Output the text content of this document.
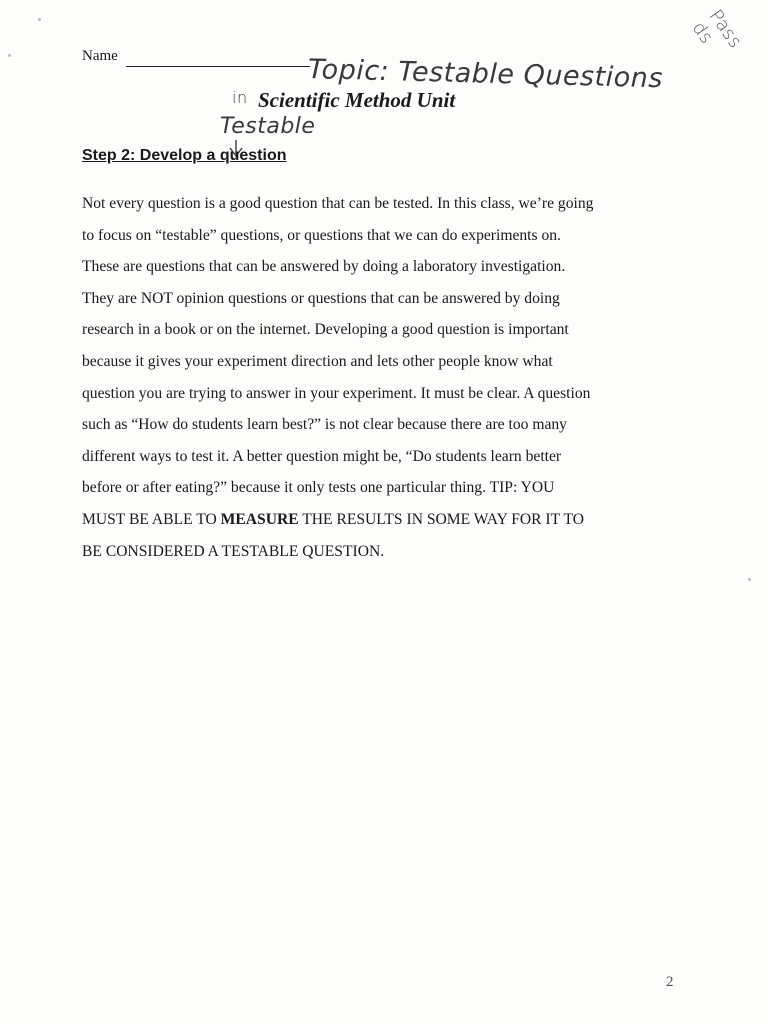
Name	Topic: Testable Questions
in
Pass ds
Scientific Method Unit
Testable
Step 2: Develop a question
Not every question is a good question that can be tested. In this class, we’re going
to focus on “testable” questions, or questions that we can do experiments on.
These are questions that can be answered by doing a laboratory investigation.
They are NOT opinion questions or questions that can be answered by doing
research in a book or on the internet. Developing a good question is important
because it gives your experiment direction and lets other people know what
question you are trying to answer in your experiment. It must be clear. A question
such as “How do students learn best?” is not clear because there are too many
different ways to test it. A better question might be, “Do students learn better
before or after eating?” because it only tests one particular thing. TIP: YOU
MUST BE ABLE TO MEASURE THE RESULTS IN SOME WAY FOR IT TO
BE CONSIDERED A TESTABLE QUESTION.
2
